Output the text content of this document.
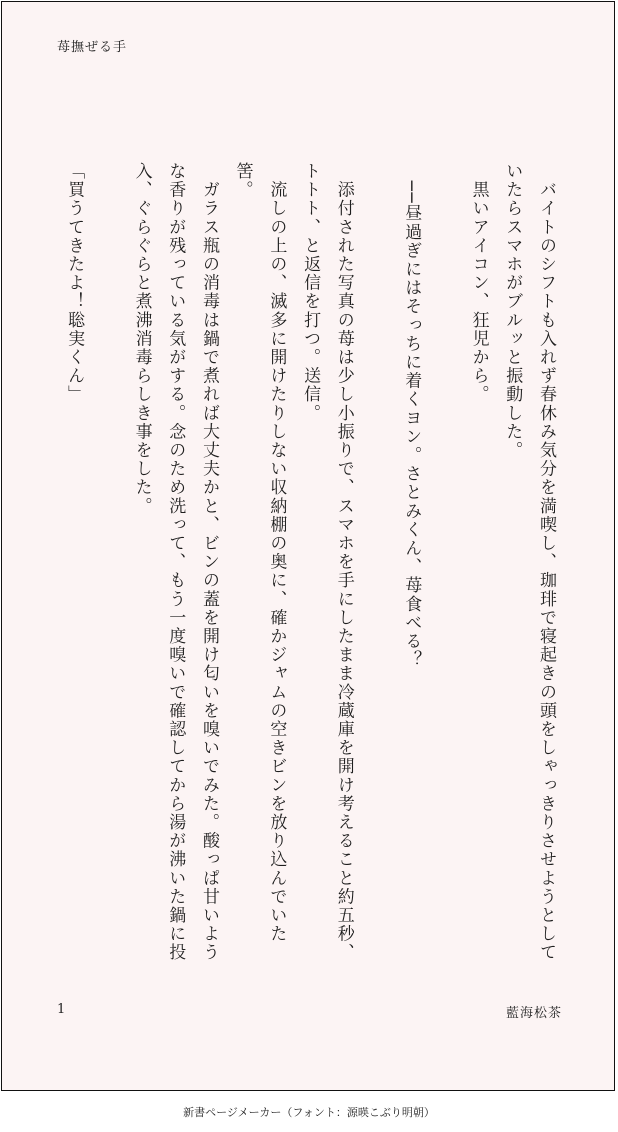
苺撫ぜる手

　バイトのシフトも入れず春休み気分を満喫し、珈琲で寝起きの頭をしゃっきりさせようとしていたらスマホがブルッと振動した。

　黒いアイコン、狂児から。

　──昼過ぎにはそっちに着くヨン。さとみくん、苺食べる？

　添付された写真の苺は少し小振りで、スマホを手にしたまま冷蔵庫を開け考えること約五秒、トトト、と返信を打つ。送信。

　流しの上の、滅多に開けたりしない収納棚の奥に、確かジャムの空きビンを放り込んでいた筈。

　ガラス瓶の消毒は鍋で煮れば大丈夫かと、ビンの蓋を開け匂いを嗅いでみた。酸っぱ甘いような香りが残っている気がする。念のため洗って、もう一度嗅いで確認してから湯が沸いた鍋に投入、ぐらぐらと煮沸消毒らしき事をした。

「買うてきたよ！聡実くん」

1	藍海松茶
新書ページメーカー（フォント：源暎こぶり明朝）
